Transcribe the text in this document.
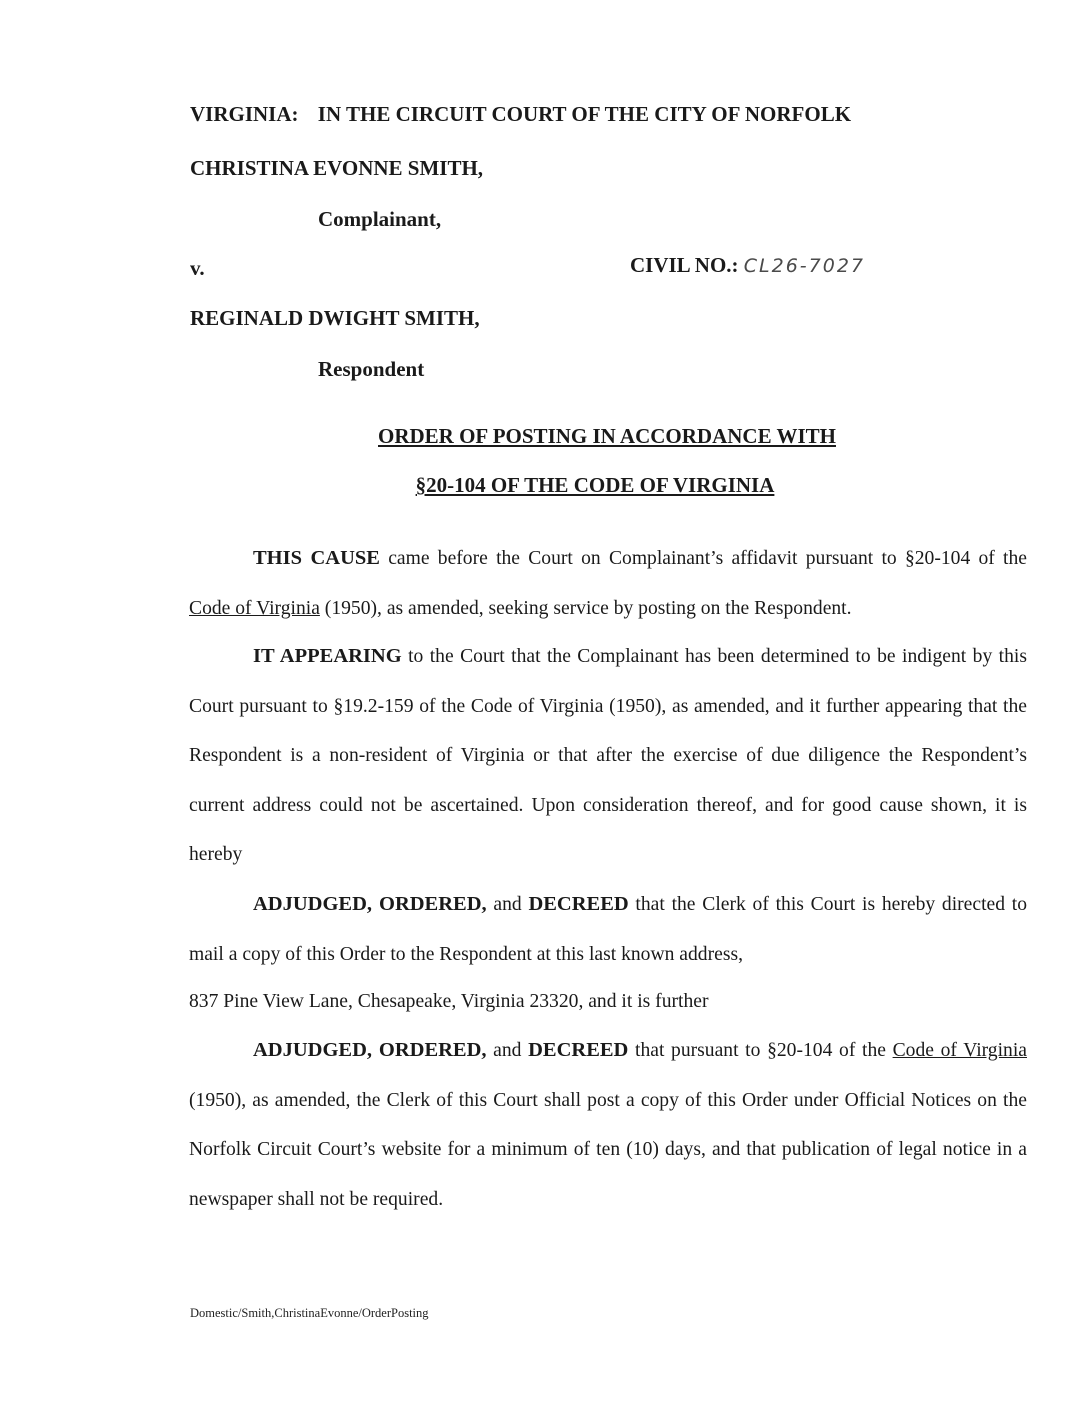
VIRGINIA: IN THE CIRCUIT COURT OF THE CITY OF NORFOLK
CHRISTINA EVONNE SMITH,
Complainant,
v.	CIVIL NO.: CL26-7027
REGINALD DWIGHT SMITH,
Respondent
ORDER OF POSTING IN ACCORDANCE WITH
§20-104 OF THE CODE OF VIRGINIA
THIS CAUSE came before the Court on Complainant’s affidavit pursuant to §20-104 of the Code of Virginia (1950), as amended, seeking service by posting on the Respondent.
IT APPEARING to the Court that the Complainant has been determined to be indigent by this Court pursuant to §19.2-159 of the Code of Virginia (1950), as amended, and it further appearing that the Respondent is a non-resident of Virginia or that after the exercise of due diligence the Respondent’s current address could not be ascertained. Upon consideration thereof, and for good cause shown, it is hereby
ADJUDGED, ORDERED, and DECREED that the Clerk of this Court is hereby directed to mail a copy of this Order to the Respondent at this last known address,
837 Pine View Lane, Chesapeake, Virginia 23320, and it is further
ADJUDGED, ORDERED, and DECREED that pursuant to §20-104 of the Code of Virginia (1950), as amended, the Clerk of this Court shall post a copy of this Order under Official Notices on the Norfolk Circuit Court’s website for a minimum of ten (10) days, and that publication of legal notice in a newspaper shall not be required.
Domestic/Smith,ChristinaEvonne/OrderPosting
